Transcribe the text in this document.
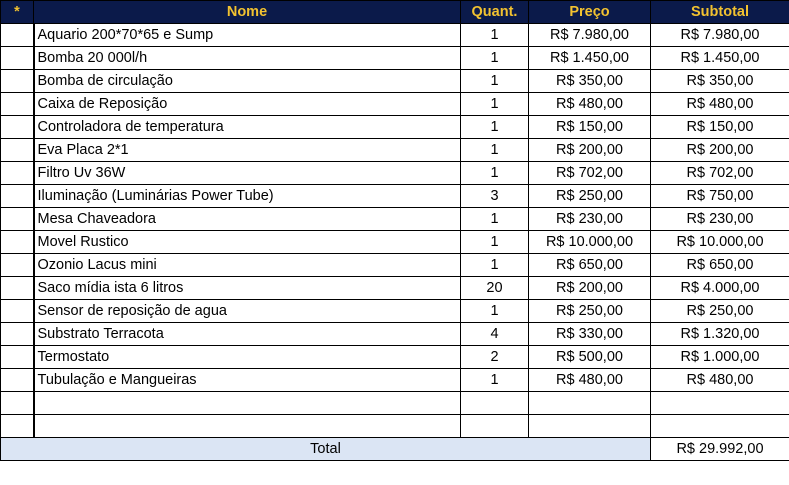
*	Nome	Quant.	Preço	Subtotal
	Aquario 200*70*65 e Sump	1	R$ 7.980,00	R$ 7.980,00
	Bomba 20 000l/h	1	R$ 1.450,00	R$ 1.450,00
	Bomba de circulação	1	R$ 350,00	R$ 350,00
	Caixa de Reposição	1	R$ 480,00	R$ 480,00
	Controladora de temperatura	1	R$ 150,00	R$ 150,00
	Eva Placa 2*1	1	R$ 200,00	R$ 200,00
	Filtro Uv 36W	1	R$ 702,00	R$ 702,00
	Iluminação (Luminárias Power Tube)	3	R$ 250,00	R$ 750,00
	Mesa Chaveadora	1	R$ 230,00	R$ 230,00
	Movel Rustico	1	R$ 10.000,00	R$ 10.000,00
	Ozonio Lacus mini	1	R$ 650,00	R$ 650,00
	Saco mídia ista 6 litros	20	R$ 200,00	R$ 4.000,00
	Sensor de reposição de agua	1	R$ 250,00	R$ 250,00
	Substrato Terracota	4	R$ 330,00	R$ 1.320,00
	Termostato	2	R$ 500,00	R$ 1.000,00
	Tubulação e Mangueiras	1	R$ 480,00	R$ 480,00

Total				R$ 29.992,00
